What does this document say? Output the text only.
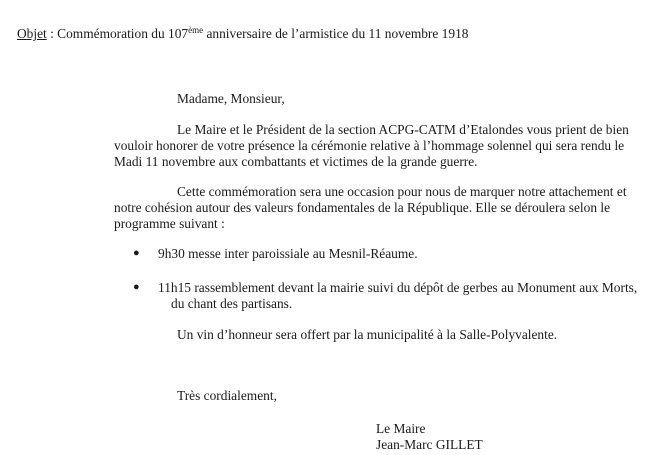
Objet : Commémoration du 107ème anniversaire de l’armistice du 11 novembre 1918
Madame, Monsieur,
Le Maire et le Président de la section ACPG-CATM d’Etalondes vous prient de bien
vouloir honorer de votre présence la cérémonie relative à l’hommage solennel qui sera rendu le
Madi 11 novembre aux combattants et victimes de la grande guerre.
Cette commémoration sera une occasion pour nous de marquer notre attachement et
notre cohésion autour des valeurs fondamentales de la République. Elle se déroulera selon le
programme suivant :
● 9h30 messe inter paroissiale au Mesnil-Réaume.
● 11h15 rassemblement devant la mairie suivi du dépôt de gerbes au Monument aux Morts,
du chant des partisans.
Un vin d’honneur sera offert par la municipalité à la Salle-Polyvalente.
Très cordialement,
Le Maire
Jean-Marc GILLET
